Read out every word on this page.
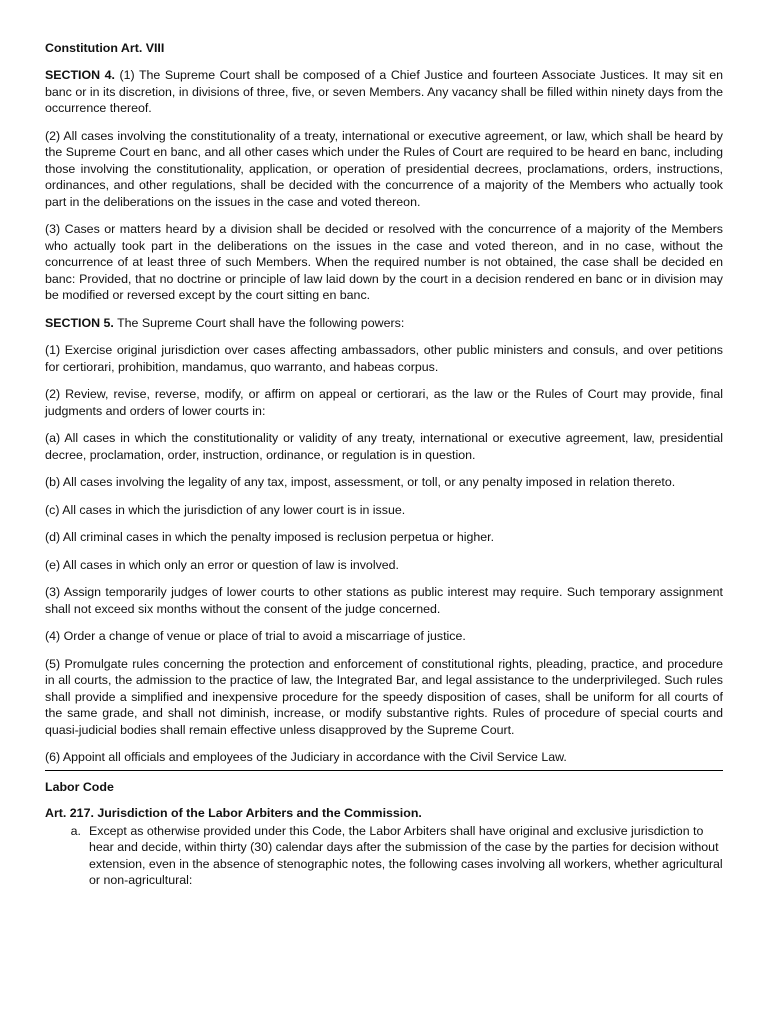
Constitution Art. VIII

SECTION 4. (1) The Supreme Court shall be composed of a Chief Justice and fourteen Associate Justices. It may sit en banc or in its discretion, in divisions of three, five, or seven Members. Any vacancy shall be filled within ninety days from the occurrence thereof.

(2) All cases involving the constitutionality of a treaty, international or executive agreement, or law, which shall be heard by the Supreme Court en banc, and all other cases which under the Rules of Court are required to be heard en banc, including those involving the constitutionality, application, or operation of presidential decrees, proclamations, orders, instructions, ordinances, and other regulations, shall be decided with the concurrence of a majority of the Members who actually took part in the deliberations on the issues in the case and voted thereon.

(3) Cases or matters heard by a division shall be decided or resolved with the concurrence of a majority of the Members who actually took part in the deliberations on the issues in the case and voted thereon, and in no case, without the concurrence of at least three of such Members. When the required number is not obtained, the case shall be decided en banc: Provided, that no doctrine or principle of law laid down by the court in a decision rendered en banc or in division may be modified or reversed except by the court sitting en banc.

SECTION 5. The Supreme Court shall have the following powers:

(1) Exercise original jurisdiction over cases affecting ambassadors, other public ministers and consuls, and over petitions for certiorari, prohibition, mandamus, quo warranto, and habeas corpus.

(2) Review, revise, reverse, modify, or affirm on appeal or certiorari, as the law or the Rules of Court may provide, final judgments and orders of lower courts in:

(a) All cases in which the constitutionality or validity of any treaty, international or executive agreement, law, presidential decree, proclamation, order, instruction, ordinance, or regulation is in question.

(b) All cases involving the legality of any tax, impost, assessment, or toll, or any penalty imposed in relation thereto.

(c) All cases in which the jurisdiction of any lower court is in issue.

(d) All criminal cases in which the penalty imposed is reclusion perpetua or higher.

(e) All cases in which only an error or question of law is involved.

(3) Assign temporarily judges of lower courts to other stations as public interest may require. Such temporary assignment shall not exceed six months without the consent of the judge concerned.

(4) Order a change of venue or place of trial to avoid a miscarriage of justice.

(5) Promulgate rules concerning the protection and enforcement of constitutional rights, pleading, practice, and procedure in all courts, the admission to the practice of law, the Integrated Bar, and legal assistance to the underprivileged. Such rules shall provide a simplified and inexpensive procedure for the speedy disposition of cases, shall be uniform for all courts of the same grade, and shall not diminish, increase, or modify substantive rights. Rules of procedure of special courts and quasi-judicial bodies shall remain effective unless disapproved by the Supreme Court.

(6) Appoint all officials and employees of the Judiciary in accordance with the Civil Service Law.

Labor Code
Art. 217. Jurisdiction of the Labor Arbiters and the Commission.
a. Except as otherwise provided under this Code, the Labor Arbiters shall have original and exclusive jurisdiction to hear and decide, within thirty (30) calendar days after the submission of the case by the parties for decision without extension, even in the absence of stenographic notes, the following cases involving all workers, whether agricultural or non-agricultural:
